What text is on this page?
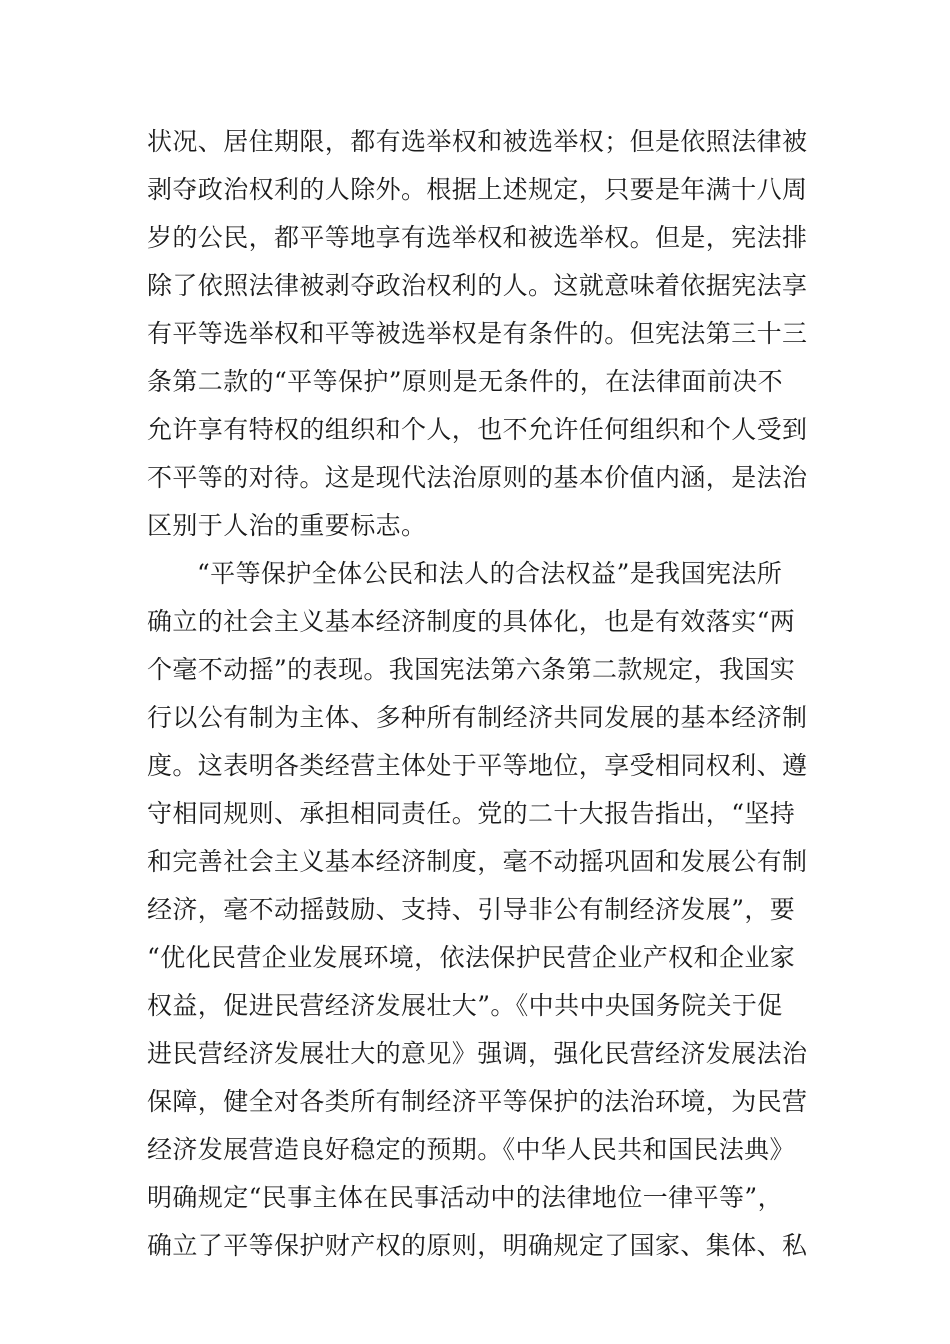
状况、居住期限，都有选举权和被选举权；但是依照法律被
剥夺政治权利的人除外。根据上述规定，只要是年满十八周
岁的公民，都平等地享有选举权和被选举权。但是，宪法排
除了依照法律被剥夺政治权利的人。这就意味着依据宪法享
有平等选举权和平等被选举权是有条件的。但宪法第三十三
条第二款的“平等保护”原则是无条件的，在法律面前决不
允许享有特权的组织和个人，也不允许任何组织和个人受到
不平等的对待。这是现代法治原则的基本价值内涵，是法治
区别于人治的重要标志。
“平等保护全体公民和法人的合法权益”是我国宪法所
确立的社会主义基本经济制度的具体化，也是有效落实“两
个毫不动摇”的表现。我国宪法第六条第二款规定，我国实
行以公有制为主体、多种所有制经济共同发展的基本经济制
度。这表明各类经营主体处于平等地位，享受相同权利、遵
守相同规则、承担相同责任。党的二十大报告指出，“坚持
和完善社会主义基本经济制度，毫不动摇巩固和发展公有制
经济，毫不动摇鼓励、支持、引导非公有制经济发展”，要
“优化民营企业发展环境，依法保护民营企业产权和企业家
权益，促进民营经济发展壮大”。《中共中央国务院关于促
进民营经济发展壮大的意见》强调，强化民营经济发展法治
保障，健全对各类所有制经济平等保护的法治环境，为民营
经济发展营造良好稳定的预期。《中华人民共和国民法典》
明确规定“民事主体在民事活动中的法律地位一律平等”，
确立了平等保护财产权的原则，明确规定了国家、集体、私
